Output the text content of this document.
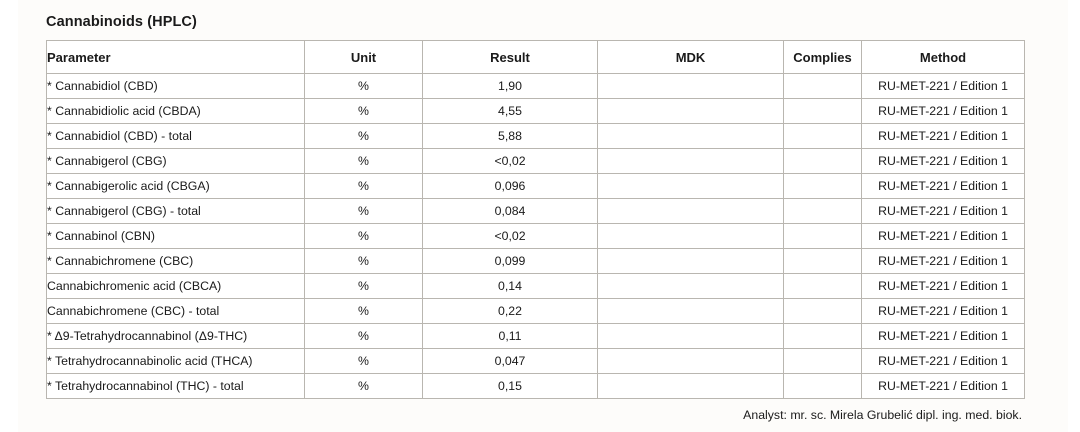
Cannabinoids (HPLC)
Parameter	Unit	Result	MDK	Complies	Method
* Cannabidiol (CBD)	%	1,90			RU-MET-221 / Edition 1
* Cannabidiolic acid (CBDA)	%	4,55			RU-MET-221 / Edition 1
* Cannabidiol (CBD) - total	%	5,88			RU-MET-221 / Edition 1
* Cannabigerol (CBG)	%	<0,02			RU-MET-221 / Edition 1
* Cannabigerolic acid (CBGA)	%	0,096			RU-MET-221 / Edition 1
* Cannabigerol (CBG) - total	%	0,084			RU-MET-221 / Edition 1
* Cannabinol (CBN)	%	<0,02			RU-MET-221 / Edition 1
* Cannabichromene (CBC)	%	0,099			RU-MET-221 / Edition 1
Cannabichromenic acid (CBCA)	%	0,14			RU-MET-221 / Edition 1
Cannabichromene (CBC) - total	%	0,22			RU-MET-221 / Edition 1
* Δ9-Tetrahydrocannabinol (Δ9-THC)	%	0,11			RU-MET-221 / Edition 1
* Tetrahydrocannabinolic acid (THCA)	%	0,047			RU-MET-221 / Edition 1
* Tetrahydrocannabinol (THC) - total	%	0,15			RU-MET-221 / Edition 1
Analyst: mr. sc. Mirela Grubelić dipl. ing. med. biok.
